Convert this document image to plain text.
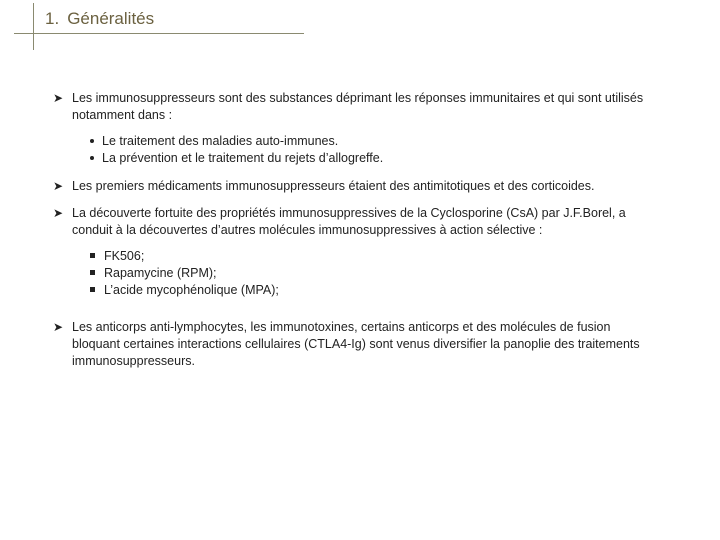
1. Généralités
➤ Les immunosuppresseurs sont des substances déprimant les réponses immunitaires et qui sont utilisés
notamment dans :
Le traitement des maladies auto-immunes.
La prévention et le traitement du rejets d’allogreffe.
➤ Les premiers médicaments immunosuppresseurs étaient des antimitotiques et des corticoides.
➤ La découverte fortuite des propriétés immunosuppressives de la Cyclosporine (CsA) par J.F.Borel, a
conduit à la découvertes d’autres molécules immunosuppressives à action sélective :
FK506;
Rapamycine (RPM);
L’acide mycophénolique (MPA);
➤ Les anticorps anti-lymphocytes, les immunotoxines, certains anticorps et des molécules de fusion
bloquant certaines interactions cellulaires (CTLA4-Ig) sont venus diversifier la panoplie des traitements
immunosuppresseurs.
